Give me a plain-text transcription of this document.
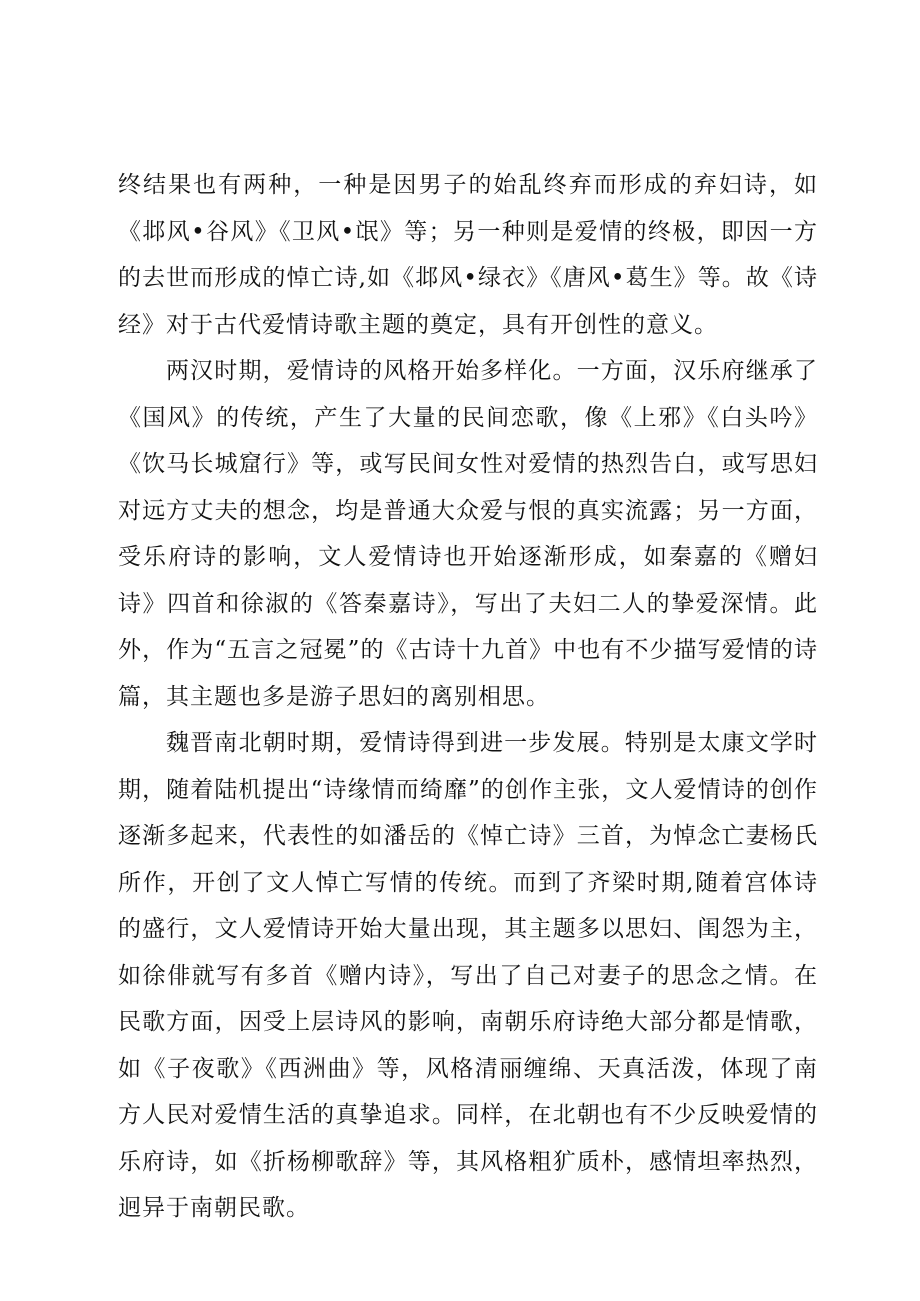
终结果也有两种，一种是因男子的始乱终弃而形成的弃妇诗，如《邶风•谷风》《卫风•氓》等；另一种则是爱情的终极，即因一方的去世而形成的悼亡诗,如《邶风•绿衣》《唐风•葛生》等。故《诗经》对于古代爱情诗歌主题的奠定，具有开创性的意义。

两汉时期，爱情诗的风格开始多样化。一方面，汉乐府继承了《国风》的传统，产生了大量的民间恋歌，像《上邪》《白头吟》《饮马长城窟行》等，或写民间女性对爱情的热烈告白，或写思妇对远方丈夫的想念，均是普通大众爱与恨的真实流露；另一方面，受乐府诗的影响，文人爱情诗也开始逐渐形成，如秦嘉的《赠妇诗》四首和徐淑的《答秦嘉诗》，写出了夫妇二人的挚爱深情。此外，作为“五言之冠冕”的《古诗十九首》中也有不少描写爱情的诗篇，其主题也多是游子思妇的离别相思。

魏晋南北朝时期，爱情诗得到进一步发展。特别是太康文学时期，随着陆机提出“诗缘情而绮靡”的创作主张，文人爱情诗的创作逐渐多起来，代表性的如潘岳的《悼亡诗》三首，为悼念亡妻杨氏所作，开创了文人悼亡写情的传统。而到了齐梁时期,随着宫体诗的盛行，文人爱情诗开始大量出现，其主题多以思妇、闺怨为主，如徐俳就写有多首《赠内诗》，写出了自己对妻子的思念之情。在民歌方面，因受上层诗风的影响，南朝乐府诗绝大部分都是情歌，如《子夜歌》《西洲曲》等，风格清丽缠绵、天真活泼，体现了南方人民对爱情生活的真挚追求。同样，在北朝也有不少反映爱情的乐府诗，如《折杨柳歌辞》等，其风格粗犷质朴，感情坦率热烈，迥异于南朝民歌。
